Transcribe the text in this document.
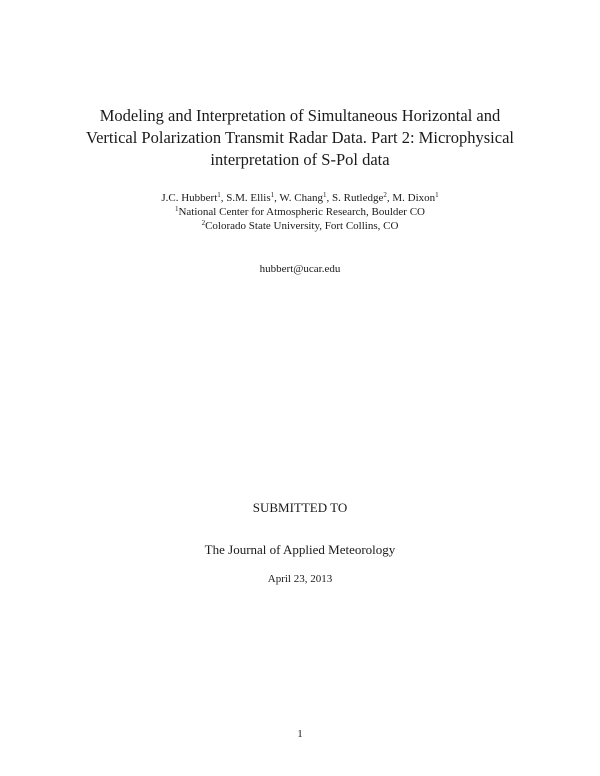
Modeling and Interpretation of Simultaneous Horizontal and
Vertical Polarization Transmit Radar Data. Part 2: Microphysical
interpretation of S-Pol data
J.C. Hubbert$^1$, S.M. Ellis$^1$, W. Chang$^1$, S. Rutledge$^2$, M. Dixon$^1$
$^1$National Center for Atmospheric Research, Boulder CO
$^2$Colorado State University, Fort Collins, CO
hubbert@ucar.edu
SUBMITTED TO
The Journal of Applied Meteorology
April 23, 2013
1
